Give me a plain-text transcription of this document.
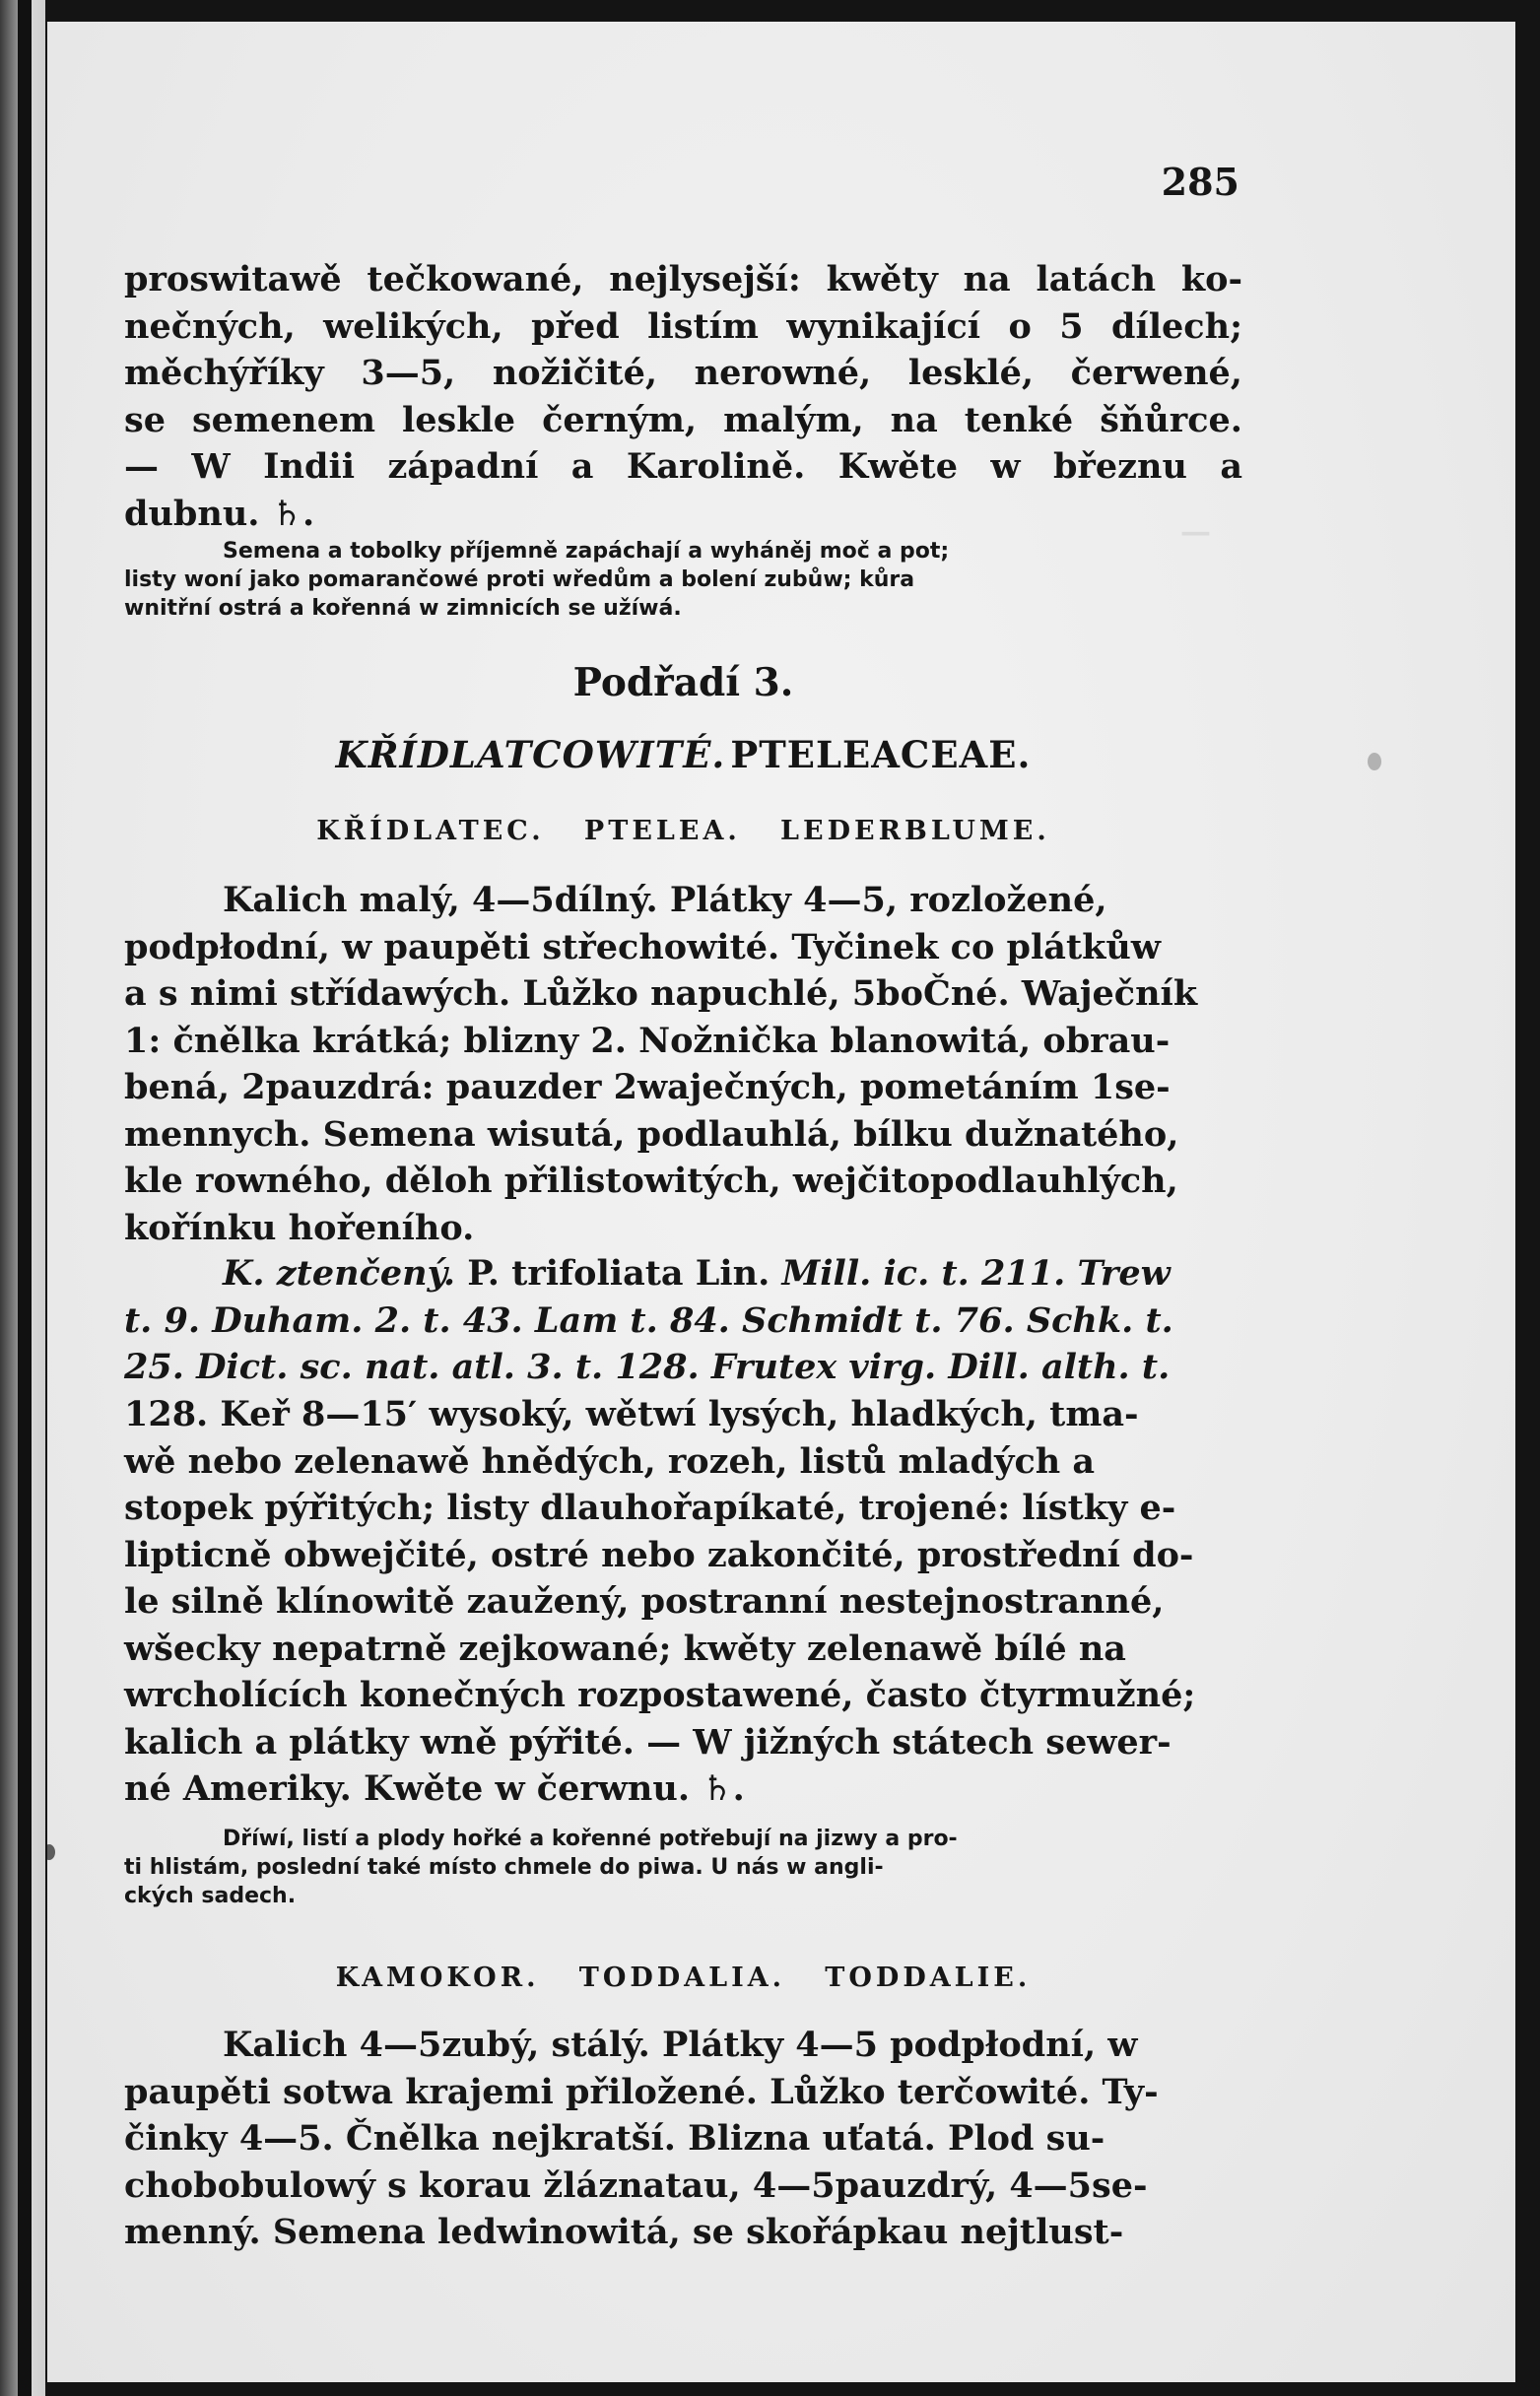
—
285

proswitawě tečkowané, nejlysejší: kwěty na latách ko-
nečných, welikých, před listím wynikající o 5 dílech;
měchýříky 3—5, nožičité, nerowné, lesklé, čerwené,
se semenem leskle černým, malým, na tenké šňůrce.
— W Indii západní a Karolině. Kwěte w březnu a
dubnu. ♄.

Semena a tobolky příjemně zapáchají a wyháněj moč a pot;
listy woní jako pomarančowé proti wředům a bolení zubůw; kůra
wnitřní ostrá a kořenná w zimnicích se užíwá.

Podřadí 3.
KŘÍDLATCOWITÉ. PTELEACEAE.
KŘÍDLATEC. PTELEA. LEDERBLUME.

Kalich malý, 4—5dílný. Plátky 4—5, rozložené,
podpłodní, w paupěti střechowité. Tyčinek co plátkůw
a s nimi střídawých. Lůžko napuchlé, 5boČné. Waječník
1: čnělka krátká; blizny 2. Nožnička blanowitá, obrau-
bená, 2pauzdrá: pauzder 2waječných, pometáním 1se-
mennych. Semena wisutá, podlauhlá, bílku dužnatého,
kle rowného, děloh přilistowitých, wejčitopodlauhlých,
kořínku hořeního.

K. ztenčený. P. trifoliata Lin. Mill. ic. t. 211. Trew
t. 9. Duham. 2. t. 43. Lam t. 84. Schmidt t. 76. Schk. t.
25. Dict. sc. nat. atl. 3. t. 128. Frutex virg. Dill. alth. t.

128. Keř 8—15′ wysoký, wětwí lysých, hladkých, tma-
wě nebo zelenawě hnědých, rozeh, listů mladých a
stopek pýřitých; listy dlauhořapíkaté, trojené: lístky e-
lipticně obwejčité, ostré nebo zakončité, prostřední do-
le silně klínowitě zaužený, postranní nestejnostranné,
wšecky nepatrně zejkowané; kwěty zelenawě bílé na
wrcholících konečných rozpostawené, často čtyrmužné;
kalich a plátky wně pýřité. — W jižných státech sewer-
né Ameriky. Kwěte w čerwnu. ♄.

Dříwí, listí a plody hořké a kořenné potřebují na jizwy a pro-
ti hlistám, poslední také místo chmele do piwa. U nás w angli-
ckých sadech.

KAMOKOR. TODDALIA. TODDALIE.

Kalich 4—5zubý, stálý. Plátky 4—5 podpłodní, w
paupěti sotwa krajemi přiložené. Lůžko terčowité. Ty-
činky 4—5. Čnělka nejkratší. Blizna uťatá. Plod su-
chobobulowý s korau žláznatau, 4—5pauzdrý, 4—5se-
menný. Semena ledwinowitá, se skořápkau nejtlust-
